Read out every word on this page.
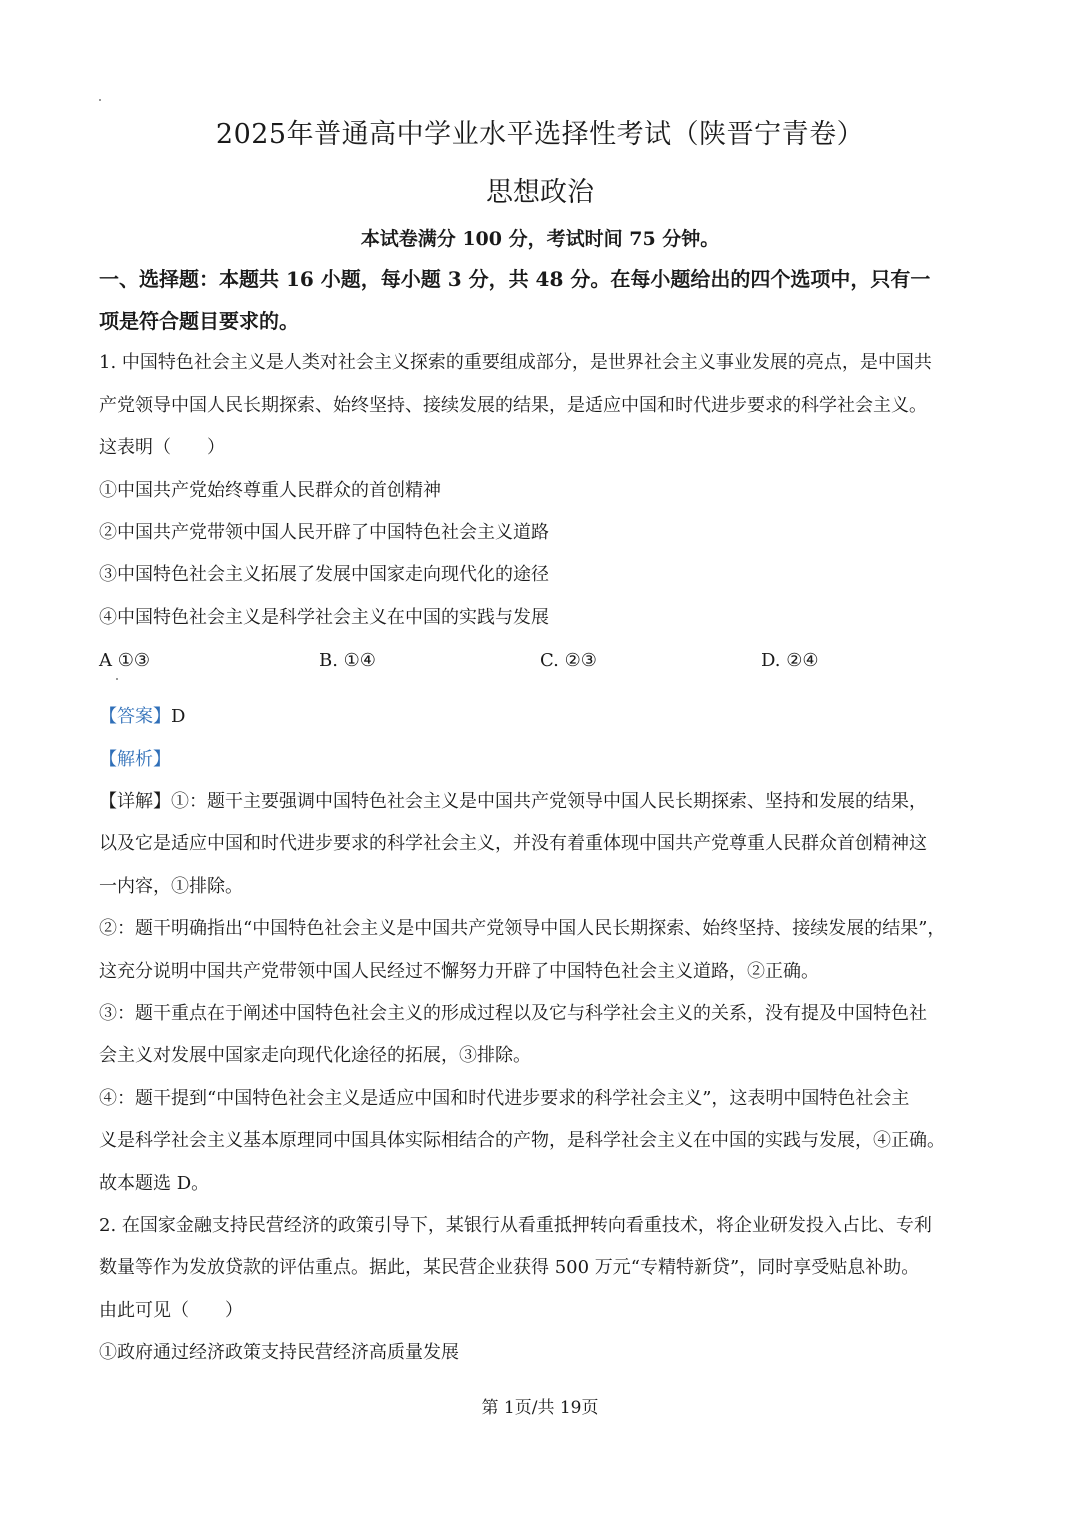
2025年普通高中学业水平选择性考试（陕晋宁青卷）
思想政治
本试卷满分 100 分，考试时间 75 分钟。
一、选择题：本题共 16 小题，每小题 3 分，共 48 分。在每小题给出的四个选项中，只有一
项是符合题目要求的。
1. 中国特色社会主义是人类对社会主义探索的重要组成部分，是世界社会主义事业发展的亮点，是中国共
产党领导中国人民长期探索、始终坚持、接续发展的结果，是适应中国和时代进步要求的科学社会主义。
这表明（　　）
①中国共产党始终尊重人民群众的首创精神
②中国共产党带领中国人民开辟了中国特色社会主义道路
③中国特色社会主义拓展了发展中国家走向现代化的途径
④中国特色社会主义是科学社会主义在中国的实践与发展
A ①③	B. ①④	C. ②③	D. ②④
【答案】D
【解析】
【详解】①：题干主要强调中国特色社会主义是中国共产党领导中国人民长期探索、坚持和发展的结果，
以及它是适应中国和时代进步要求的科学社会主义，并没有着重体现中国共产党尊重人民群众首创精神这
一内容，①排除。
②：题干明确指出“中国特色社会主义是中国共产党领导中国人民长期探索、始终坚持、接续发展的结果”，
这充分说明中国共产党带领中国人民经过不懈努力开辟了中国特色社会主义道路，②正确。
③：题干重点在于阐述中国特色社会主义的形成过程以及它与科学社会主义的关系，没有提及中国特色社
会主义对发展中国家走向现代化途径的拓展，③排除。
④：题干提到“中国特色社会主义是适应中国和时代进步要求的科学社会主义”，这表明中国特色社会主
义是科学社会主义基本原理同中国具体实际相结合的产物，是科学社会主义在中国的实践与发展，④正确。
故本题选 D。
2. 在国家金融支持民营经济的政策引导下，某银行从看重抵押转向看重技术，将企业研发投入占比、专利
数量等作为发放贷款的评估重点。据此，某民营企业获得 500 万元“专精特新贷”，同时享受贴息补助。
由此可见（　　）
①政府通过经济政策支持民营经济高质量发展
第 1页/共 19页
